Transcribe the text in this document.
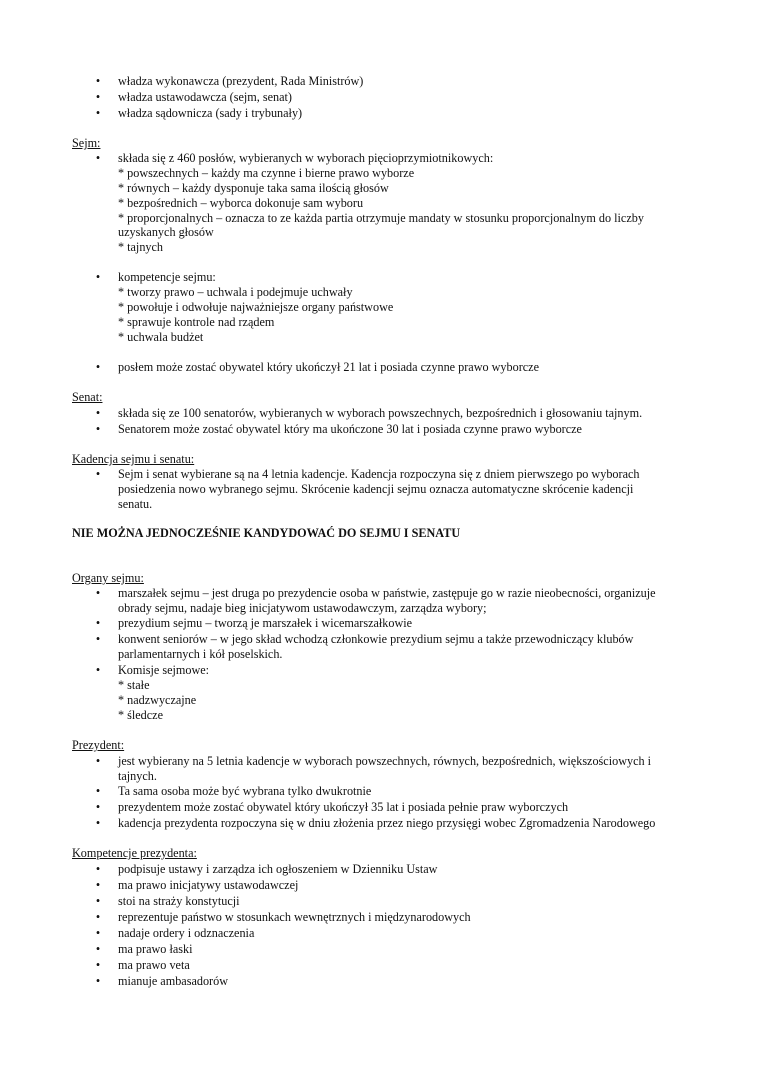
• władza wykonawcza (prezydent, Rada Ministrów)
• władza ustawodawcza (sejm, senat)
• władza sądownicza (sady i trybunały)
Sejm:
• składa się z 460 posłów, wybieranych w wyborach pięcioprzymiotnikowych:
* powszechnych – każdy ma czynne i bierne prawo wyborze
* równych – każdy dysponuje taka sama ilością głosów
* bezpośrednich – wyborca dokonuje sam wyboru
* proporcjonalnych – oznacza to ze każda partia otrzymuje mandaty w stosunku proporcjonalnym do liczby
uzyskanych głosów
* tajnych
• kompetencje sejmu:
* tworzy prawo – uchwala i podejmuje uchwały
* powołuje i odwołuje najważniejsze organy państwowe
* sprawuje kontrole nad rządem
* uchwala budżet
• posłem może zostać obywatel który ukończył 21 lat i posiada czynne prawo wyborcze
Senat:
• składa się ze 100 senatorów, wybieranych w wyborach powszechnych, bezpośrednich i głosowaniu tajnym.
• Senatorem może zostać obywatel który ma ukończone 30 lat i posiada czynne prawo wyborcze
Kadencja sejmu i senatu:
• Sejm i senat wybierane są na 4 letnia kadencje. Kadencja rozpoczyna się z dniem pierwszego po wyborach
posiedzenia nowo wybranego sejmu. Skrócenie kadencji sejmu oznacza automatyczne skrócenie kadencji
senatu.
NIE MOŻNA JEDNOCZEŚNIE KANDYDOWAĆ DO SEJMU I SENATU
Organy sejmu:
• marszałek sejmu – jest druga po prezydencie osoba w państwie, zastępuje go w razie nieobecności, organizuje
obrady sejmu, nadaje bieg inicjatywom ustawodawczym, zarządza wybory;
• prezydium sejmu – tworzą je marszałek i wicemarszałkowie
• konwent seniorów – w jego skład wchodzą członkowie prezydium sejmu a także przewodniczący klubów
parlamentarnych i kół poselskich.
• Komisje sejmowe:
* stałe
* nadzwyczajne
* śledcze
Prezydent:
• jest wybierany na 5 letnia kadencje w wyborach powszechnych, równych, bezpośrednich, większościowych i
tajnych.
• Ta sama osoba może być wybrana tylko dwukrotnie
• prezydentem może zostać obywatel który ukończył 35 lat i posiada pełnie praw wyborczych
• kadencja prezydenta rozpoczyna się w dniu złożenia przez niego przysięgi wobec Zgromadzenia Narodowego
Kompetencje prezydenta:
• podpisuje ustawy i zarządza ich ogłoszeniem w Dzienniku Ustaw
• ma prawo inicjatywy ustawodawczej
• stoi na straży konstytucji
• reprezentuje państwo w stosunkach wewnętrznych i międzynarodowych
• nadaje ordery i odznaczenia
• ma prawo łaski
• ma prawo veta
• mianuje ambasadorów
